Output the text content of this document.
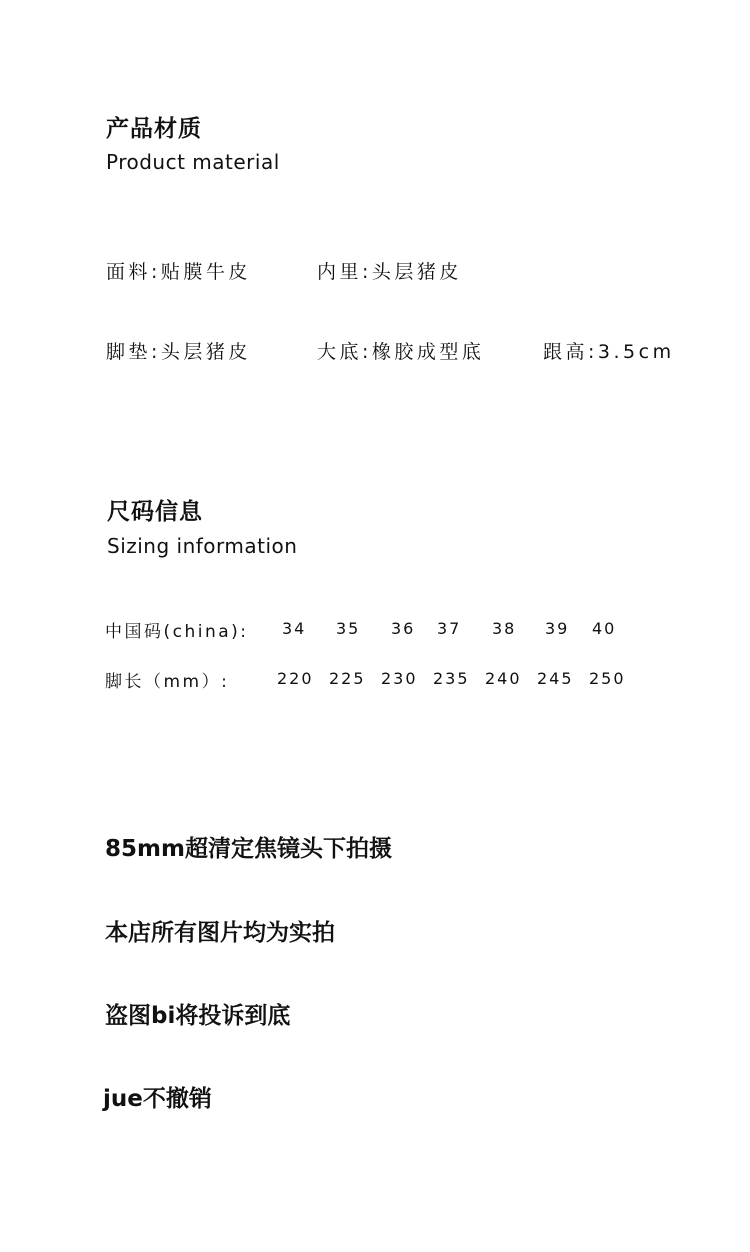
产品材质
Product material
面料:贴膜牛皮	内里:头层猪皮
脚垫:头层猪皮	大底:橡胶成型底	跟高:3.5cm
尺码信息
Sizing information
中国码(china): 34 35 36 37 38 39 40
脚长（mm）:	220 225 230 235 240 245 250
85mm超清定焦镜头下拍摄
本店所有图片均为实拍
盗图bi将投诉到底
jue不撤销
